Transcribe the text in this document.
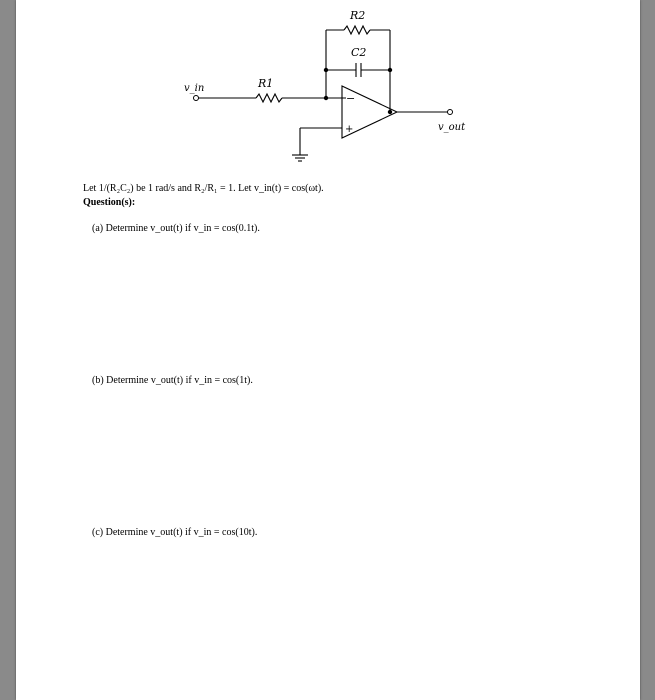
R2
C2
R1
v_in
v_out
−
+
Let 1/(R₂C₂) be 1 rad/s and R₂/R₁ = 1. Let v_in(t) = cos(ωt).
Question(s):
(a) Determine v_out(t) if v_in = cos(0.1t).
(b) Determine v_out(t) if v_in = cos(1t).
(c) Determine v_out(t) if v_in = cos(10t).
